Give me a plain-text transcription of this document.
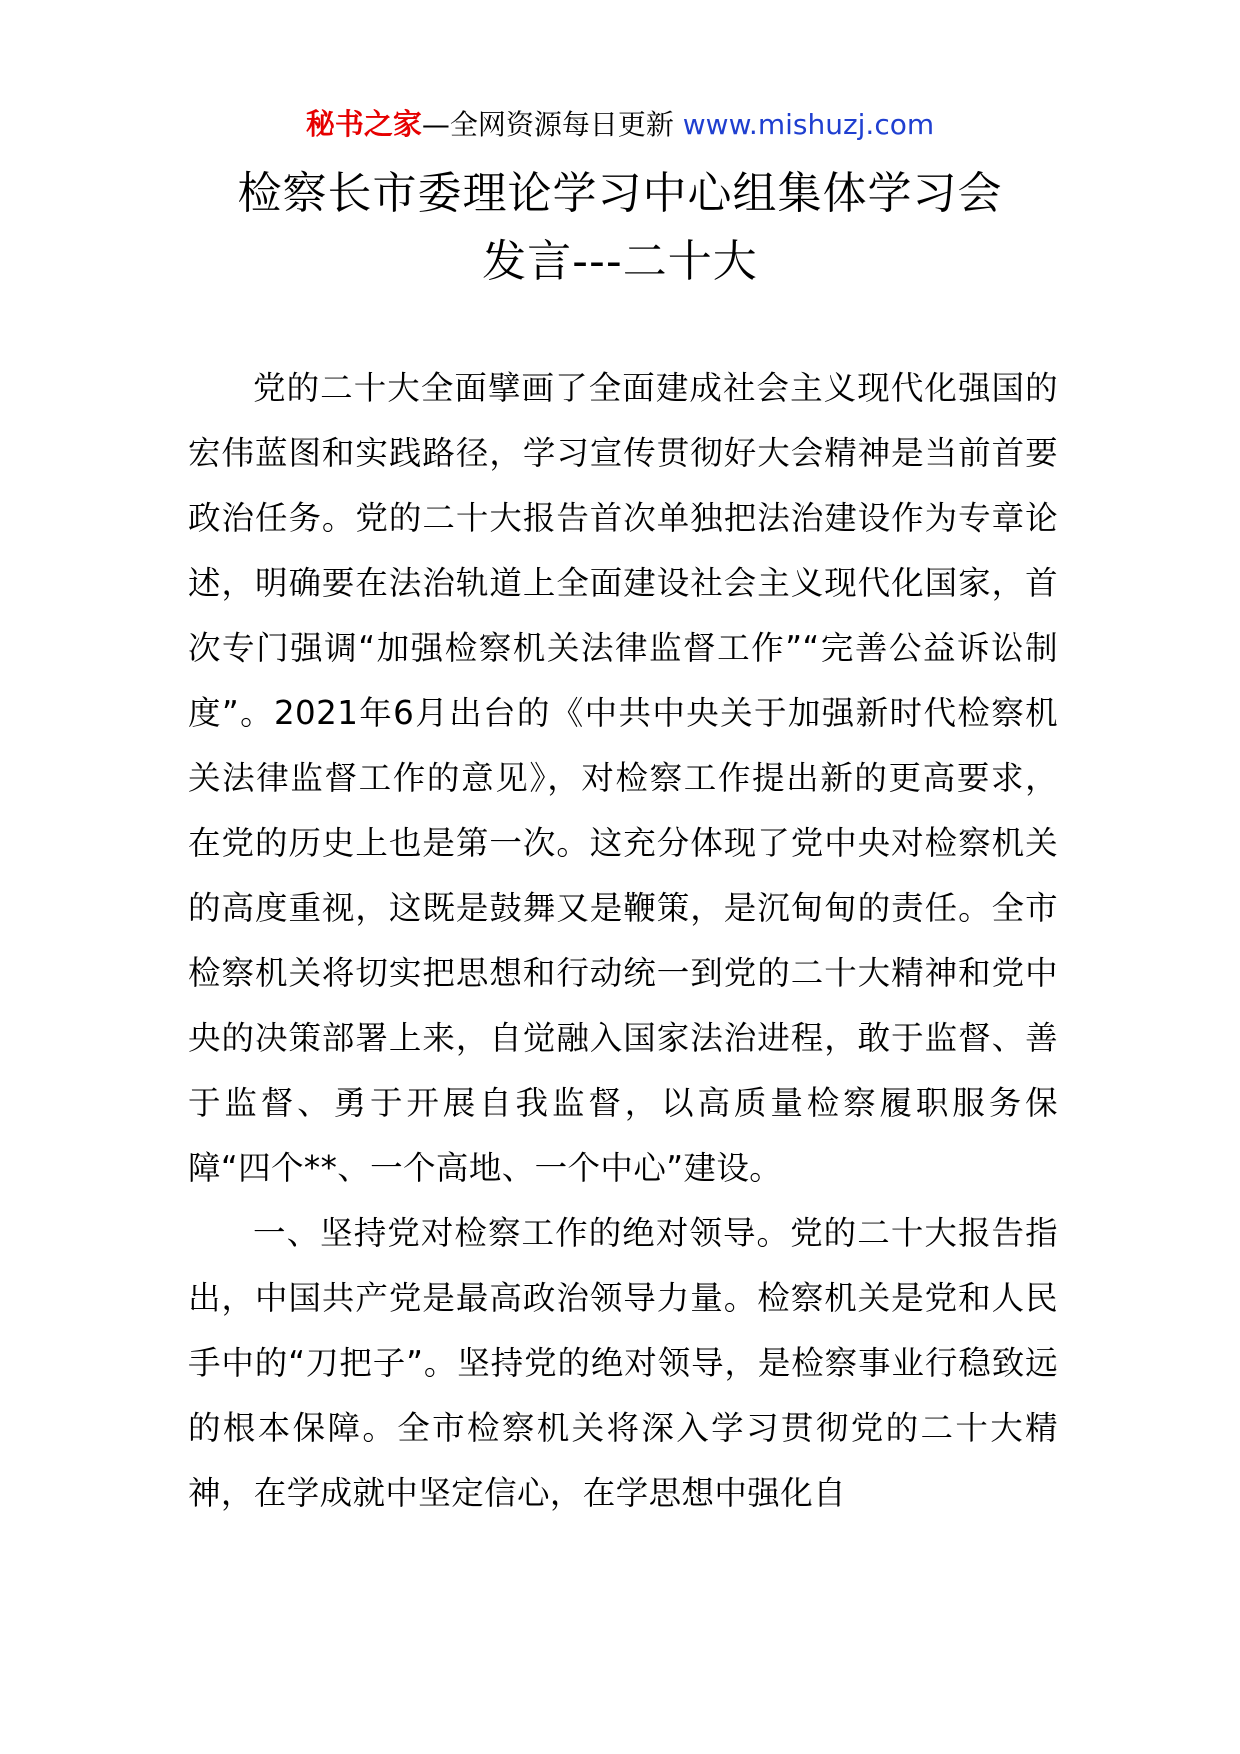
秘书之家—全网资源每日更新 www.mishuzj.com
检察长市委理论学习中心组集体学习会
发言---二十大

党的二十大全面擘画了全面建成社会主义现代化强国的宏伟蓝图和实践路径，学习宣传贯彻好大会精神是当前首要政治任务。党的二十大报告首次单独把法治建设作为专章论述，明确要在法治轨道上全面建设社会主义现代化国家，首次专门强调“加强检察机关法律监督工作”“完善公益诉讼制度”。2021年6月出台的《中共中央关于加强新时代检察机关法律监督工作的意见》，对检察工作提出新的更高要求，在党的历史上也是第一次。这充分体现了党中央对检察机关的高度重视，这既是鼓舞又是鞭策，是沉甸甸的责任。全市检察机关将切实把思想和行动统一到党的二十大精神和党中央的决策部署上来，自觉融入国家法治进程，敢于监督、善于监督、勇于开展自我监督，以高质量检察履职服务保障“四个**、一个高地、一个中心”建设。

一、坚持党对检察工作的绝对领导。党的二十大报告指出，中国共产党是最高政治领导力量。检察机关是党和人民手中的“刀把子”。坚持党的绝对领导，是检察事业行稳致远的根本保障。全市检察机关将深入学习贯彻党的二十大精神，在学成就中坚定信心，在学思想中强化自
